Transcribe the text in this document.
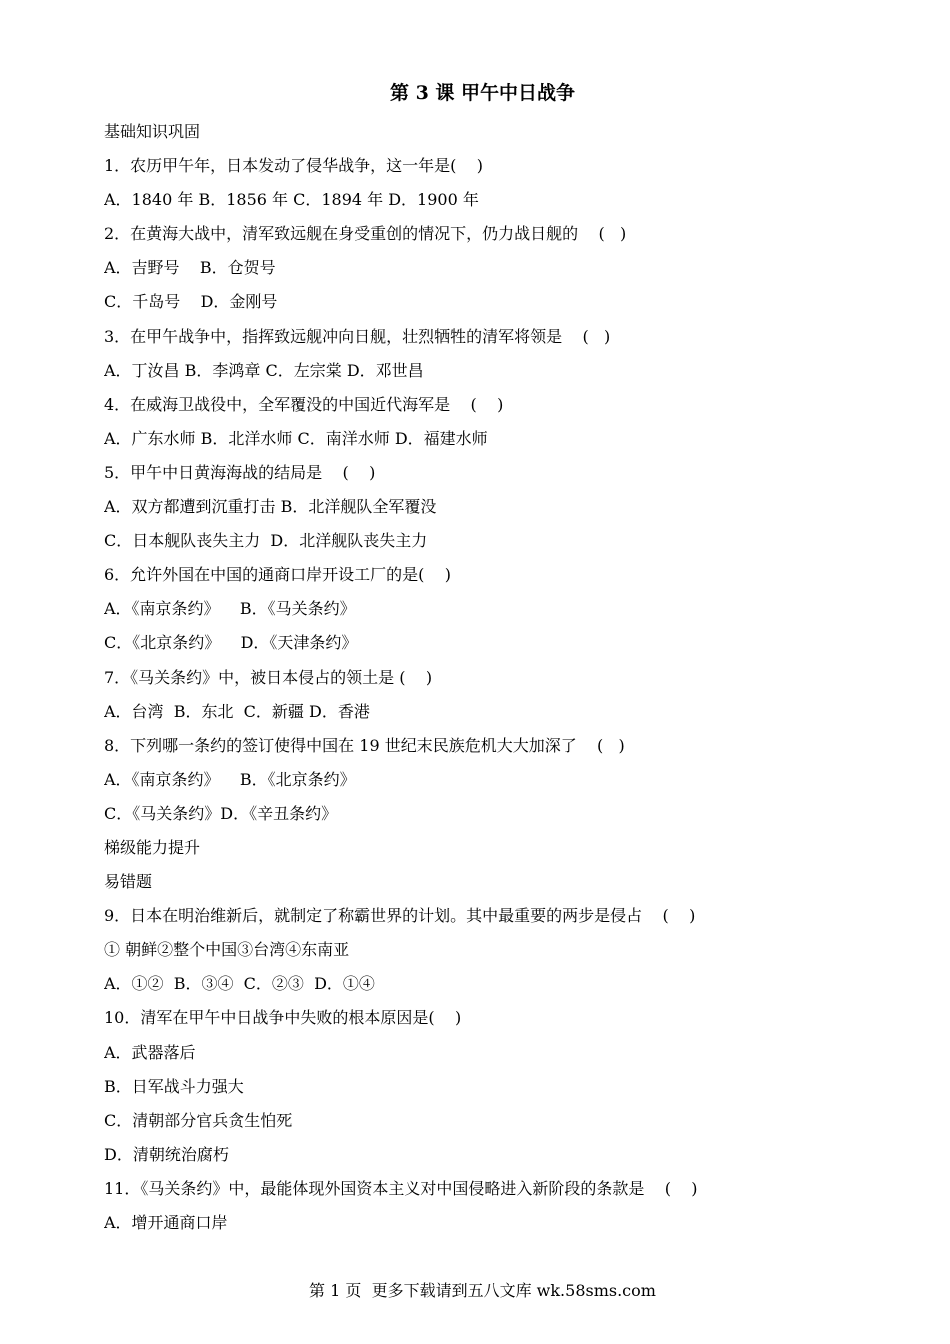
第 3 课 甲午中日战争
基础知识巩固
1．农历甲午年，日本发动了侵华战争，这一年是(    )
A．1840 年 B．1856 年 C．1894 年 D．1900 年
2．在黄海大战中，清军致远舰在身受重创的情况下，仍力战日舰的    (   )
A．吉野号    B．仓贺号
C．千岛号    D．金刚号
3．在甲午战争中，指挥致远舰冲向日舰，壮烈牺牲的清军将领是    (   )
A．丁汝昌 B．李鸿章 C．左宗棠 D．邓世昌
4．在威海卫战役中，全军覆没的中国近代海军是    (    )
A．广东水师 B．北洋水师 C．南洋水师 D．福建水师
5．甲午中日黄海海战的结局是    (    )
A．双方都遭到沉重打击 B．北洋舰队全军覆没
C．日本舰队丧失主力  D．北洋舰队丧失主力
6．允许外国在中国的通商口岸开设工厂的是(    )
A．《南京条约》    B．《马关条约》
C．《北京条约》    D．《天津条约》
7．《马关条约》中，被日本侵占的领土是 (    )
A．台湾  B．东北  C．新疆 D．香港
8．下列哪一条约的签订使得中国在 19 世纪末民族危机大大加深了    (   )
A．《南京条约》    B．《北京条约》
C．《马关条约》D．《辛丑条约》
梯级能力提升
易错题
9．日本在明治维新后，就制定了称霸世界的计划。其中最重要的两步是侵占    (    )
① 朝鲜②整个中国③台湾④东南亚
A．①②  B．③④  C．②③  D．①④
10．清军在甲午中日战争中失败的根本原因是(    )
A．武器落后
B．日军战斗力强大
C．清朝部分官兵贪生怕死
D．清朝统治腐朽
11．《马关条约》中，最能体现外国资本主义对中国侵略进入新阶段的条款是    (    )
A．增开通商口岸
第 1 页  更多下载请到五八文库 wk.58sms.com
